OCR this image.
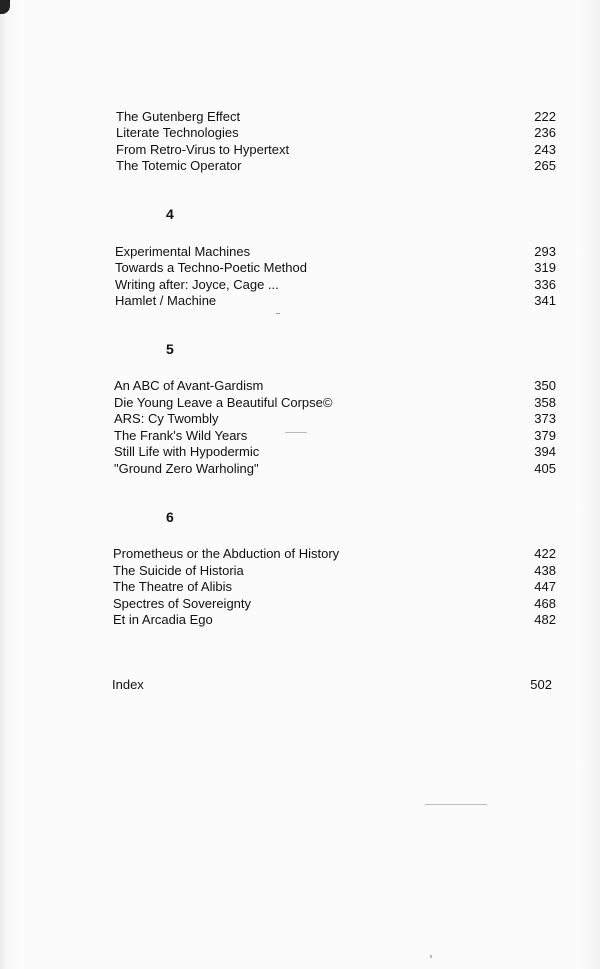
The Gutenberg Effect	222
Literate Technologies	236
From Retro-Virus to Hypertext	243
The Totemic Operator	265
4
Experimental Machines	293
Towards a Techno-Poetic Method	319
Writing after: Joyce, Cage ...	336
Hamlet / Machine	341
5
An ABC of Avant-Gardism	350
Die Young Leave a Beautiful Corpse©	358
ARS: Cy Twombly	373
The Frank's Wild Years	379
Still Life with Hypodermic	394
"Ground Zero Warholing"	405
6
Prometheus or the Abduction of History	422
The Suicide of Historia	438
The Theatre of Alibis	447
Spectres of Sovereignty	468
Et in Arcadia Ego	482
Index	502
